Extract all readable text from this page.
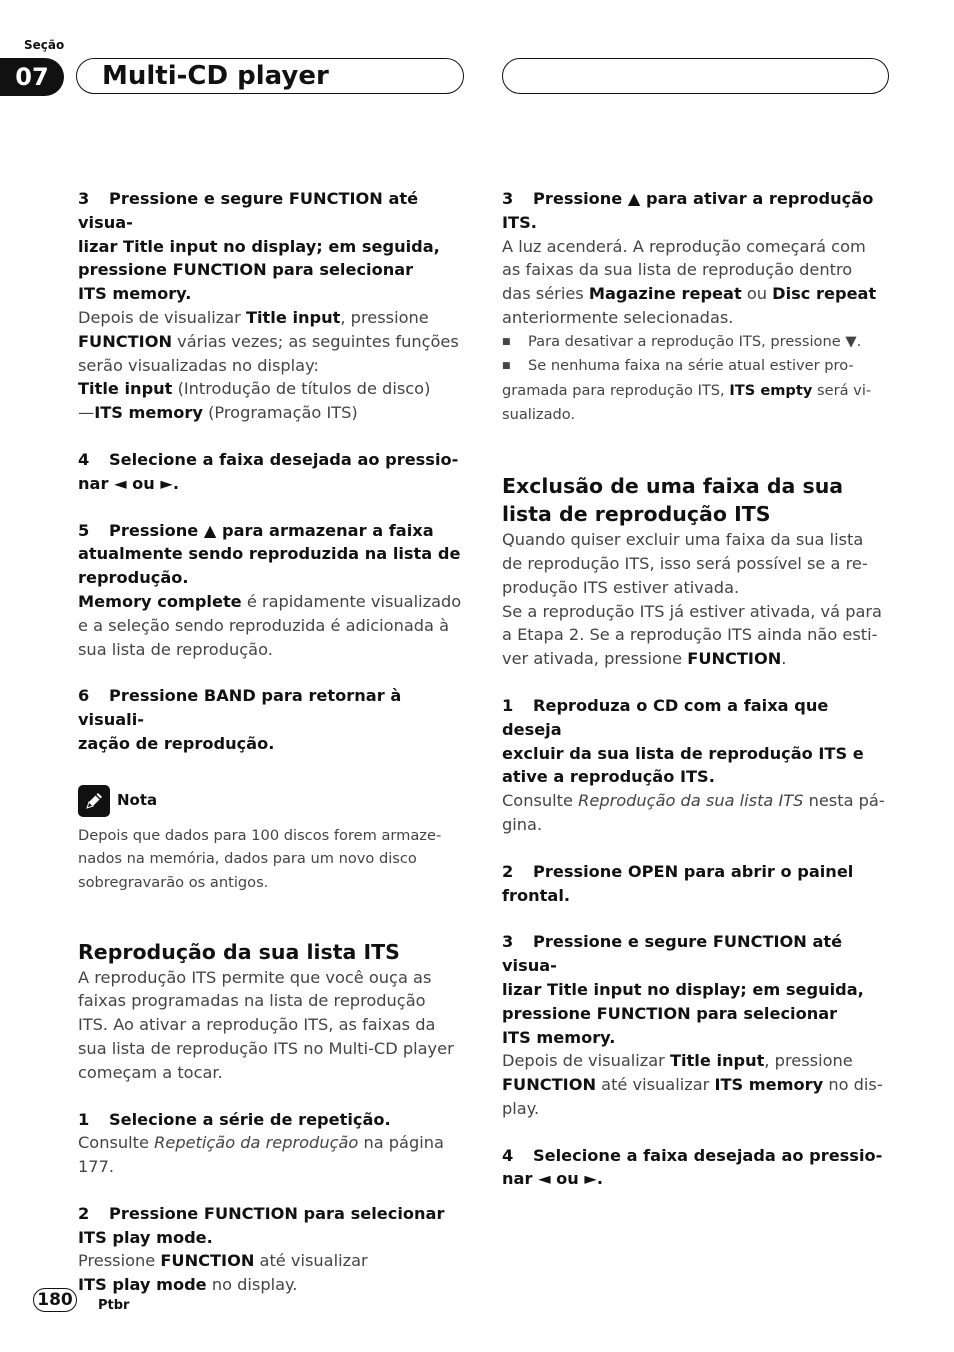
Seção
07	Multi-CD player
3 Pressione e segure FUNCTION até visua-
lizar Title input no display; em seguida,
pressione FUNCTION para selecionar
ITS memory.
Depois de visualizar Title input, pressione
FUNCTION várias vezes; as seguintes funções
serão visualizadas no display:
Title input (Introdução de títulos de disco)
—ITS memory (Programação ITS)
4 Selecione a faixa desejada ao pressio-
nar ◄ ou ►.
5 Pressione ▲ para armazenar a faixa
atualmente sendo reproduzida na lista de
reprodução.
Memory complete é rapidamente visualizado
e a seleção sendo reproduzida é adicionada à
sua lista de reprodução.
6 Pressione BAND para retornar à visuali-
zação de reprodução.
Nota
Depois que dados para 100 discos forem armaze-
nados na memória, dados para um novo disco
sobregravarão os antigos.
Reprodução da sua lista ITS
A reprodução ITS permite que você ouça as
faixas programadas na lista de reprodução
ITS. Ao ativar a reprodução ITS, as faixas da
sua lista de reprodução ITS no Multi-CD player
começam a tocar.
1 Selecione a série de repetição.
Consulte Repetição da reprodução na página
177.
2 Pressione FUNCTION para selecionar
ITS play mode.
Pressione FUNCTION até visualizar
ITS play mode no display.
3 Pressione ▲ para ativar a reprodução
ITS.
A luz acenderá. A reprodução começará com
as faixas da sua lista de reprodução dentro
das séries Magazine repeat ou Disc repeat
anteriormente selecionadas.
■ Para desativar a reprodução ITS, pressione ▼.
■ Se nenhuma faixa na série atual estiver pro-
gramada para reprodução ITS, ITS empty será vi-
sualizado.
Exclusão de uma faixa da sua
lista de reprodução ITS
Quando quiser excluir uma faixa da sua lista
de reprodução ITS, isso será possível se a re-
produção ITS estiver ativada.
Se a reprodução ITS já estiver ativada, vá para
a Etapa 2. Se a reprodução ITS ainda não esti-
ver ativada, pressione FUNCTION.
1 Reproduza o CD com a faixa que deseja
excluir da sua lista de reprodução ITS e
ative a reprodução ITS.
Consulte Reprodução da sua lista ITS nesta pá-
gina.
2 Pressione OPEN para abrir o painel
frontal.
3 Pressione e segure FUNCTION até visua-
lizar Title input no display; em seguida,
pressione FUNCTION para selecionar
ITS memory.
Depois de visualizar Title input, pressione
FUNCTION até visualizar ITS memory no dis-
play.
4 Selecione a faixa desejada ao pressio-
nar ◄ ou ►.
180	Ptbr
